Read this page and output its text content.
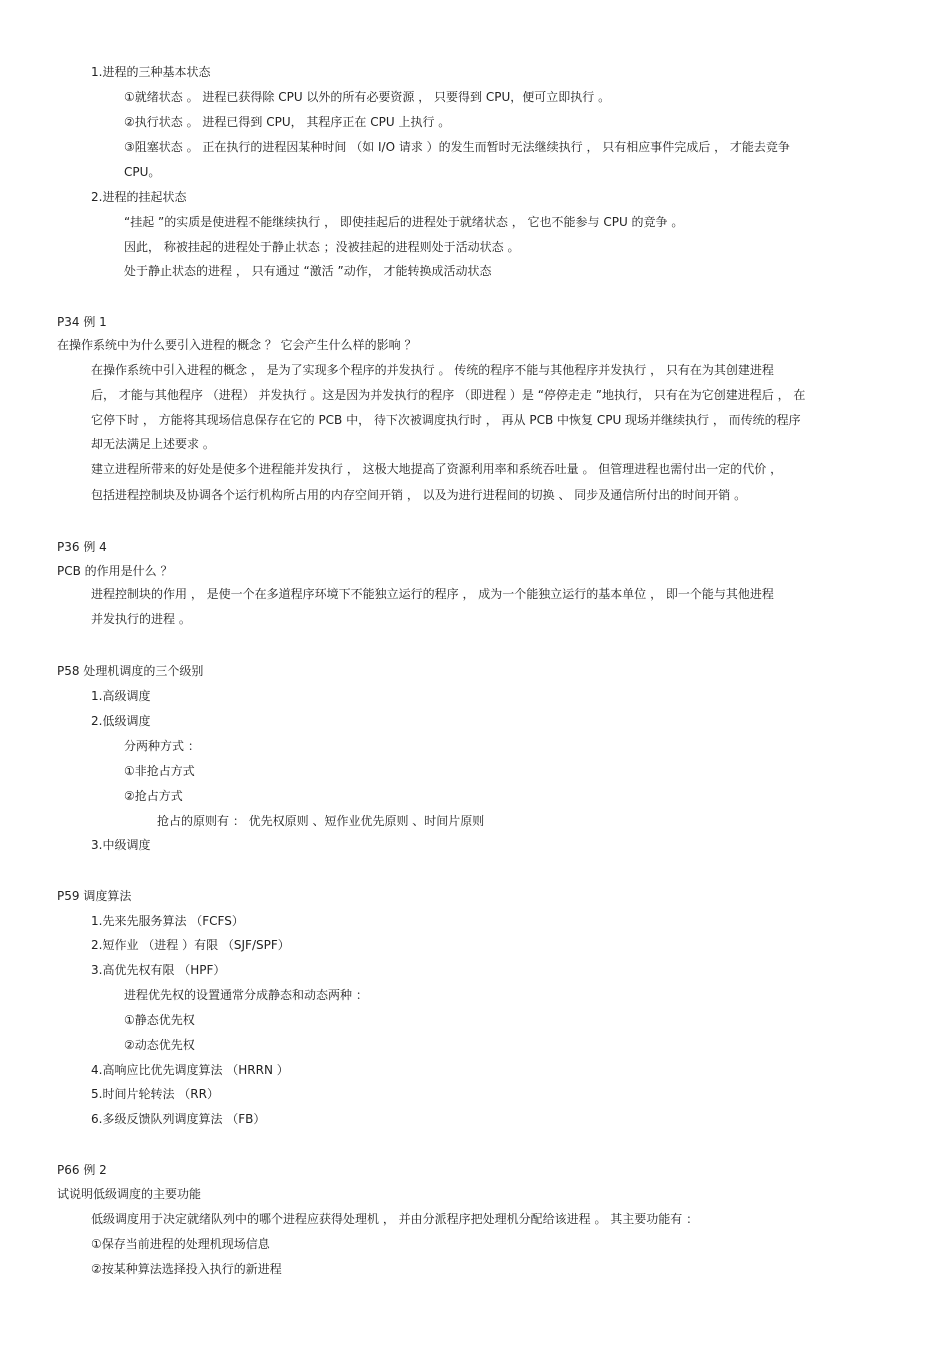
1.进程的三种基本状态
①就绪状态 。 进程已获得除 CPU 以外的所有必要资源 ， 只要得到 CPU，便可立即执行 。
②执行状态 。 进程已得到 CPU， 其程序正在 CPU 上执行 。
③阻塞状态 。 正在执行的进程因某种时间 （如 I/O 请求 ）的发生而暂时无法继续执行 ， 只有相应事件完成后 ， 才能去竞争
CPU。
2.进程的挂起状态
“挂起 ”的实质是使进程不能继续执行 ， 即使挂起后的进程处于就绪状态 ， 它也不能参与 CPU 的竞争 。
因此， 称被挂起的进程处于静止状态 ；没被挂起的进程则处于活动状态 。
处于静止状态的进程 ， 只有通过 “激活 ”动作， 才能转换成活动状态
P34 例 1
在操作系统中为什么要引入进程的概念 ？ 它会产生什么样的影响 ？
在操作系统中引入进程的概念 ， 是为了实现多个程序的并发执行 。 传统的程序不能与其他程序并发执行 ， 只有在为其创建进程
后， 才能与其他程序 （进程） 并发执行 。这是因为并发执行的程序 （即进程 ）是 “停停走走 ”地执行， 只有在为它创建进程后 ， 在
它停下时 ， 方能将其现场信息保存在它的 PCB 中， 待下次被调度执行时 ， 再从 PCB 中恢复 CPU 现场并继续执行 ， 而传统的程序
却无法满足上述要求 。
建立进程所带来的好处是使多个进程能并发执行 ， 这极大地提高了资源利用率和系统吞吐量 。 但管理进程也需付出一定的代价 ，
包括进程控制块及协调各个运行机构所占用的内存空间开销 ， 以及为进行进程间的切换 、 同步及通信所付出的时间开销 。
P36 例 4
PCB 的作用是什么 ？
进程控制块的作用 ， 是使一个在多道程序环境下不能独立运行的程序 ， 成为一个能独立运行的基本单位 ， 即一个能与其他进程
并发执行的进程 。
P58 处理机调度的三个级别
1.高级调度
2.低级调度
分两种方式 ：
①非抢占方式
②抢占方式
抢占的原则有 ： 优先权原则 、短作业优先原则 、时间片原则
3.中级调度
P59 调度算法
1.先来先服务算法 （FCFS）
2.短作业 （进程 ）有限 （SJF/SPF）
3.高优先权有限 （HPF）
进程优先权的设置通常分成静态和动态两种 ：
①静态优先权
②动态优先权
4.高响应比优先调度算法 （HRRN ）
5.时间片轮转法 （RR）
6.多级反馈队列调度算法 （FB）
P66 例 2
试说明低级调度的主要功能
低级调度用于决定就绪队列中的哪个进程应获得处理机 ， 并由分派程序把处理机分配给该进程 。 其主要功能有 ：
①保存当前进程的处理机现场信息
②按某种算法选择投入执行的新进程
